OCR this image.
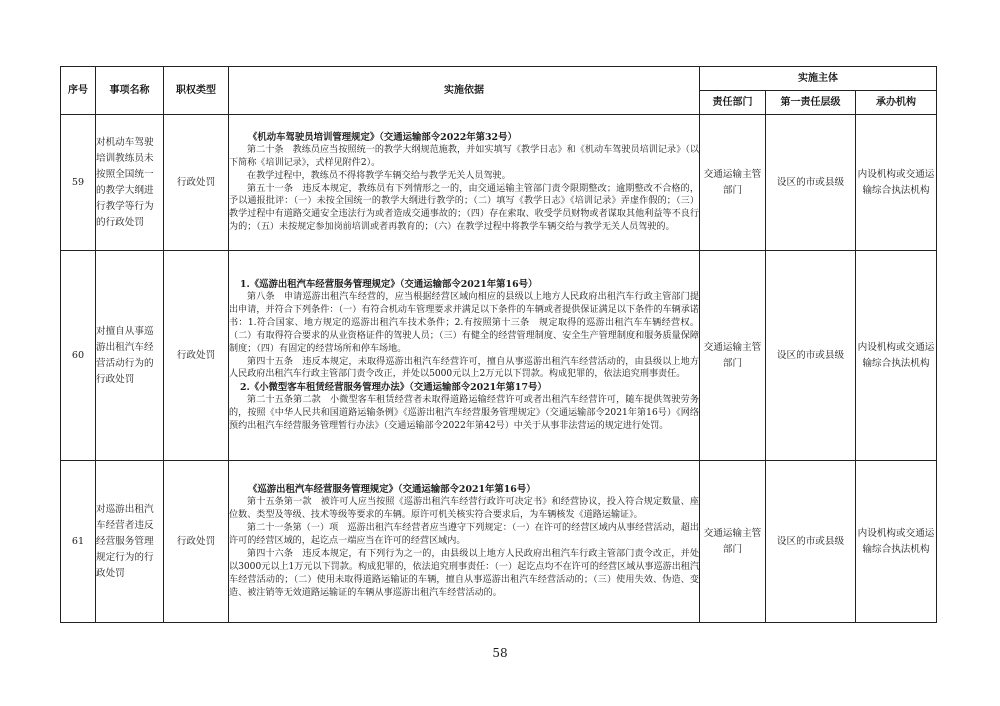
序号	事项名称	职权类型	实施依据	实施主体		
				责任部门	第一责任层级	承办机构
59	对机动车驾驶培训教练员未按照全国统一的教学大纲进行教学等行为的行政处罚	行政处罚	《机动车驾驶员培训管理规定》（交通运输部令2022年第32号）

第二十条　教练员应当按照统一的教学大纲规范施教，并如实填写《教学日志》和《机动车驾驶员培训记录》（以下简称《培训记录》，式样见附件2）。

在教学过程中，教练员不得将教学车辆交给与教学无关人员驾驶。

第五十一条　违反本规定，教练员有下列情形之一的，由交通运输主管部门责令限期整改；逾期整改不合格的，予以通报批评：（一）未按全国统一的教学大纲进行教学的；（二）填写《教学日志》《培训记录》弄虚作假的；（三）教学过程中有道路交通安全违法行为或者造成交通事故的；（四）存在索取、收受学员财物或者谋取其他利益等不良行为的；（五）未按规定参加岗前培训或者再教育的；（六）在教学过程中将教学车辆交给与教学无关人员驾驶的。	交通运输主管部门	设区的市或县级	内设机构或交通运输综合执法机构
60	对擅自从事巡游出租汽车经营活动行为的行政处罚	行政处罚	1.《巡游出租汽车经营服务管理规定》（交通运输部令2021年第16号）

第八条　申请巡游出租汽车经营的，应当根据经营区域向相应的县级以上地方人民政府出租汽车行政主管部门提出申请，并符合下列条件：（一）有符合机动车管理要求并满足以下条件的车辆或者提供保证满足以下条件的车辆承诺书：1.符合国家、地方规定的巡游出租汽车技术条件；2.有按照第十三条　规定取得的巡游出租汽车车辆经营权。（二）有取得符合要求的从业资格证件的驾驶人员；（三）有健全的经营管理制度、安全生产管理制度和服务质量保障制度；（四）有固定的经营场所和停车场地。

第四十五条　违反本规定，未取得巡游出租汽车经营许可，擅自从事巡游出租汽车经营活动的，由县级以上地方人民政府出租汽车行政主管部门责令改正，并处以5000元以上2万元以下罚款。构成犯罪的，依法追究刑事责任。

2.《小微型客车租赁经营服务管理办法》（交通运输部令2021年第17号）

第二十五条第二款　小微型客车租赁经营者未取得道路运输经营许可或者出租汽车经营许可，随车提供驾驶劳务的，按照《中华人民共和国道路运输条例》《巡游出租汽车经营服务管理规定》（交通运输部令2021年第16号）《网络预约出租汽车经营服务管理暂行办法》（交通运输部令2022年第42号）中关于从事非法营运的规定进行处罚。	交通运输主管部门	设区的市或县级	内设机构或交通运输综合执法机构
61	对巡游出租汽车经营者违反经营服务管理规定行为的行政处罚	行政处罚	《巡游出租汽车经营服务管理规定》（交通运输部令2021年第16号）

第十五条第一款　被许可人应当按照《巡游出租汽车经营行政许可决定书》和经营协议，投入符合规定数量、座位数、类型及等级、技术等级等要求的车辆。原许可机关核实符合要求后，为车辆核发《道路运输证》。

第二十一条第（一）项　巡游出租汽车经营者应当遵守下列规定：（一）在许可的经营区域内从事经营活动，超出许可的经营区域的，起讫点一端应当在许可的经营区域内。

第四十六条　违反本规定，有下列行为之一的，由县级以上地方人民政府出租汽车行政主管部门责令改正，并处以3000元以上1万元以下罚款。构成犯罪的，依法追究刑事责任：（一）起讫点均不在许可的经营区域从事巡游出租汽车经营活动的；（二）使用未取得道路运输证的车辆，擅自从事巡游出租汽车经营活动的；（三）使用失效、伪造、变造、被注销等无效道路运输证的车辆从事巡游出租汽车经营活动的。	交通运输主管部门	设区的市或县级	内设机构或交通运输综合执法机构
58
